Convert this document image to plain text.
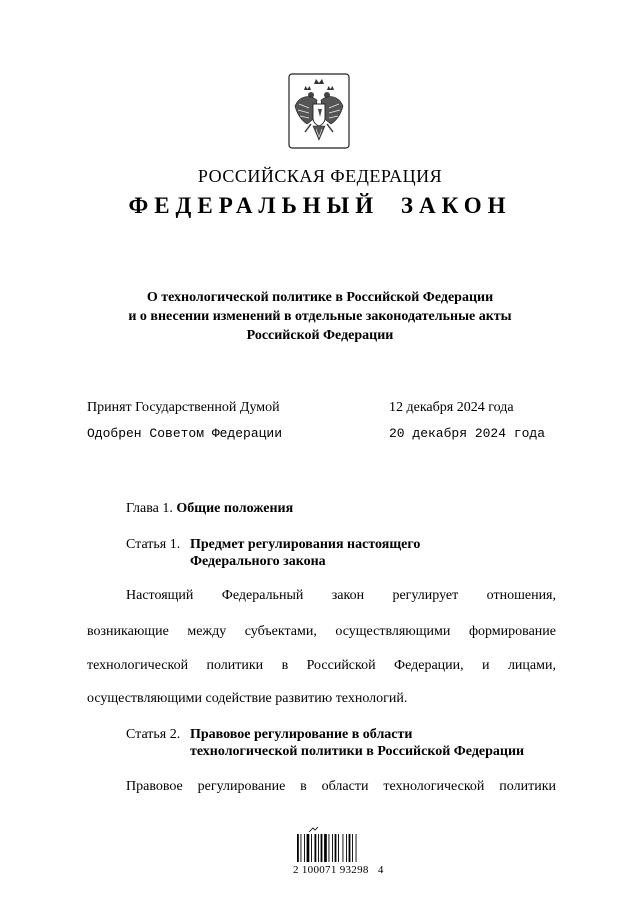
РОССИЙСКАЯ ФЕДЕРАЦИЯ
ФЕДЕРАЛЬНЫЙ ЗАКОН
О технологической политике в Российской Федерации
и о внесении изменений в отдельные законодательные акты
Российской Федерации
Принят Государственной Думой	12 декабря 2024 года
Одобрен Советом Федерации	20 декабря 2024 года
Глава 1. Общие положения
Статья 1. Предмет регулирования настоящего
Федерального закона
Настоящий Федеральный закон регулирует отношения,
возникающие между субъектами, осуществляющими формирование
технологической политики в Российской Федерации, и лицами,
осуществляющими содействие развитию технологий.
Статья 2. Правовое регулирование в области
технологической политики в Российской Федерации
Правовое регулирование в области технологической политики
2 100071 93298   4
